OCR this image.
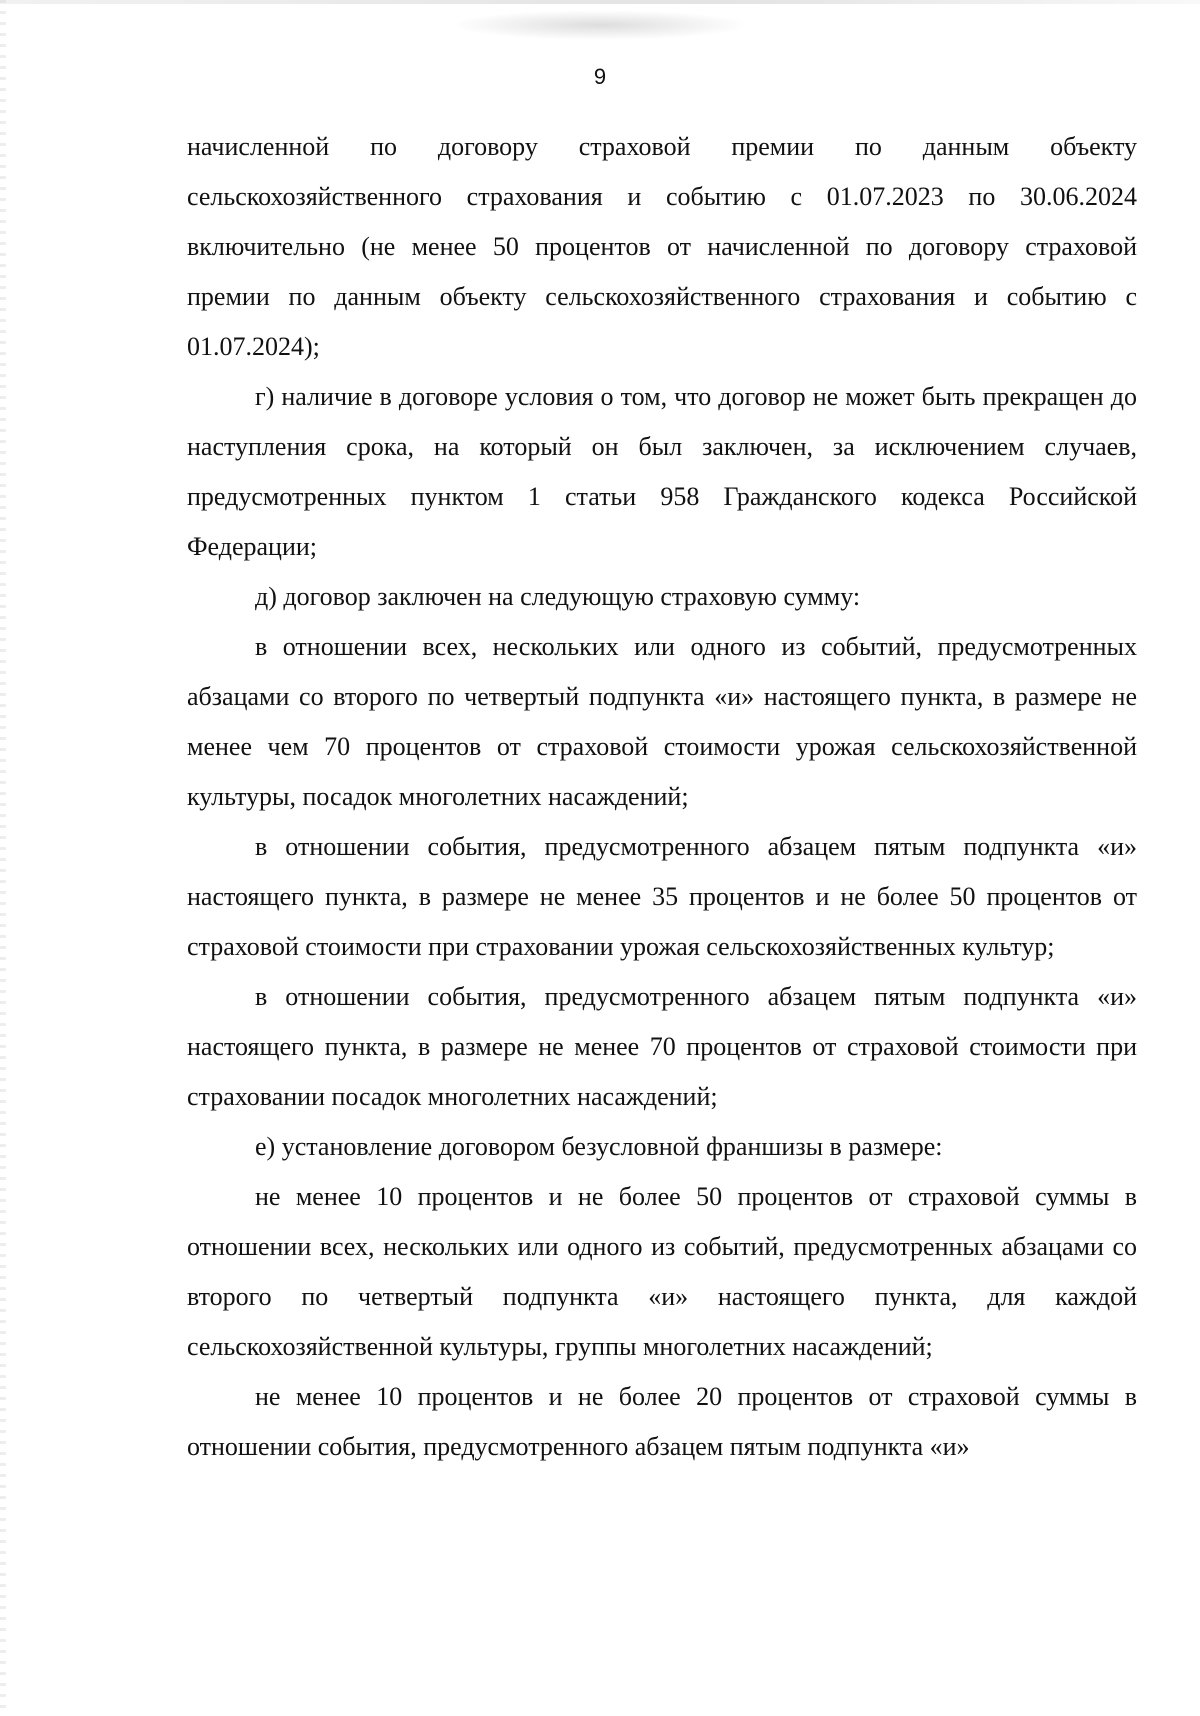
9

начисленной по договору страховой премии по данным объекту сельскохозяйственного страхования и событию с 01.07.2023 по 30.06.2024 включительно (не менее 50 процентов от начисленной по договору страховой премии по данным объекту сельскохозяйственного страхования и событию с 01.07.2024);

г) наличие в договоре условия о том, что договор не может быть прекращен до наступления срока, на который он был заключен, за исключением случаев, предусмотренных пунктом 1 статьи 958 Гражданского кодекса Российской Федерации;

д) договор заключен на следующую страховую сумму:

в отношении всех, нескольких или одного из событий, предусмотренных абзацами со второго по четвертый подпункта «и» настоящего пункта, в размере не менее чем 70 процентов от страховой стоимости урожая сельскохозяйственной культуры, посадок многолетних насаждений;

в отношении события, предусмотренного абзацем пятым подпункта «и» настоящего пункта, в размере не менее 35 процентов и не более 50 процентов от страховой стоимости при страховании урожая сельскохозяйственных культур;

в отношении события, предусмотренного абзацем пятым подпункта «и» настоящего пункта, в размере не менее 70 процентов от страховой стоимости при страховании посадок многолетних насаждений;

е) установление договором безусловной франшизы в размере:

не менее 10 процентов и не более 50 процентов от страховой суммы в отношении всех, нескольких или одного из событий, предусмотренных абзацами со второго по четвертый подпункта «и» настоящего пункта, для каждой сельскохозяйственной культуры, группы многолетних насаждений;

не менее 10 процентов и не более 20 процентов от страховой суммы в отношении события, предусмотренного абзацем пятым подпункта «и»
